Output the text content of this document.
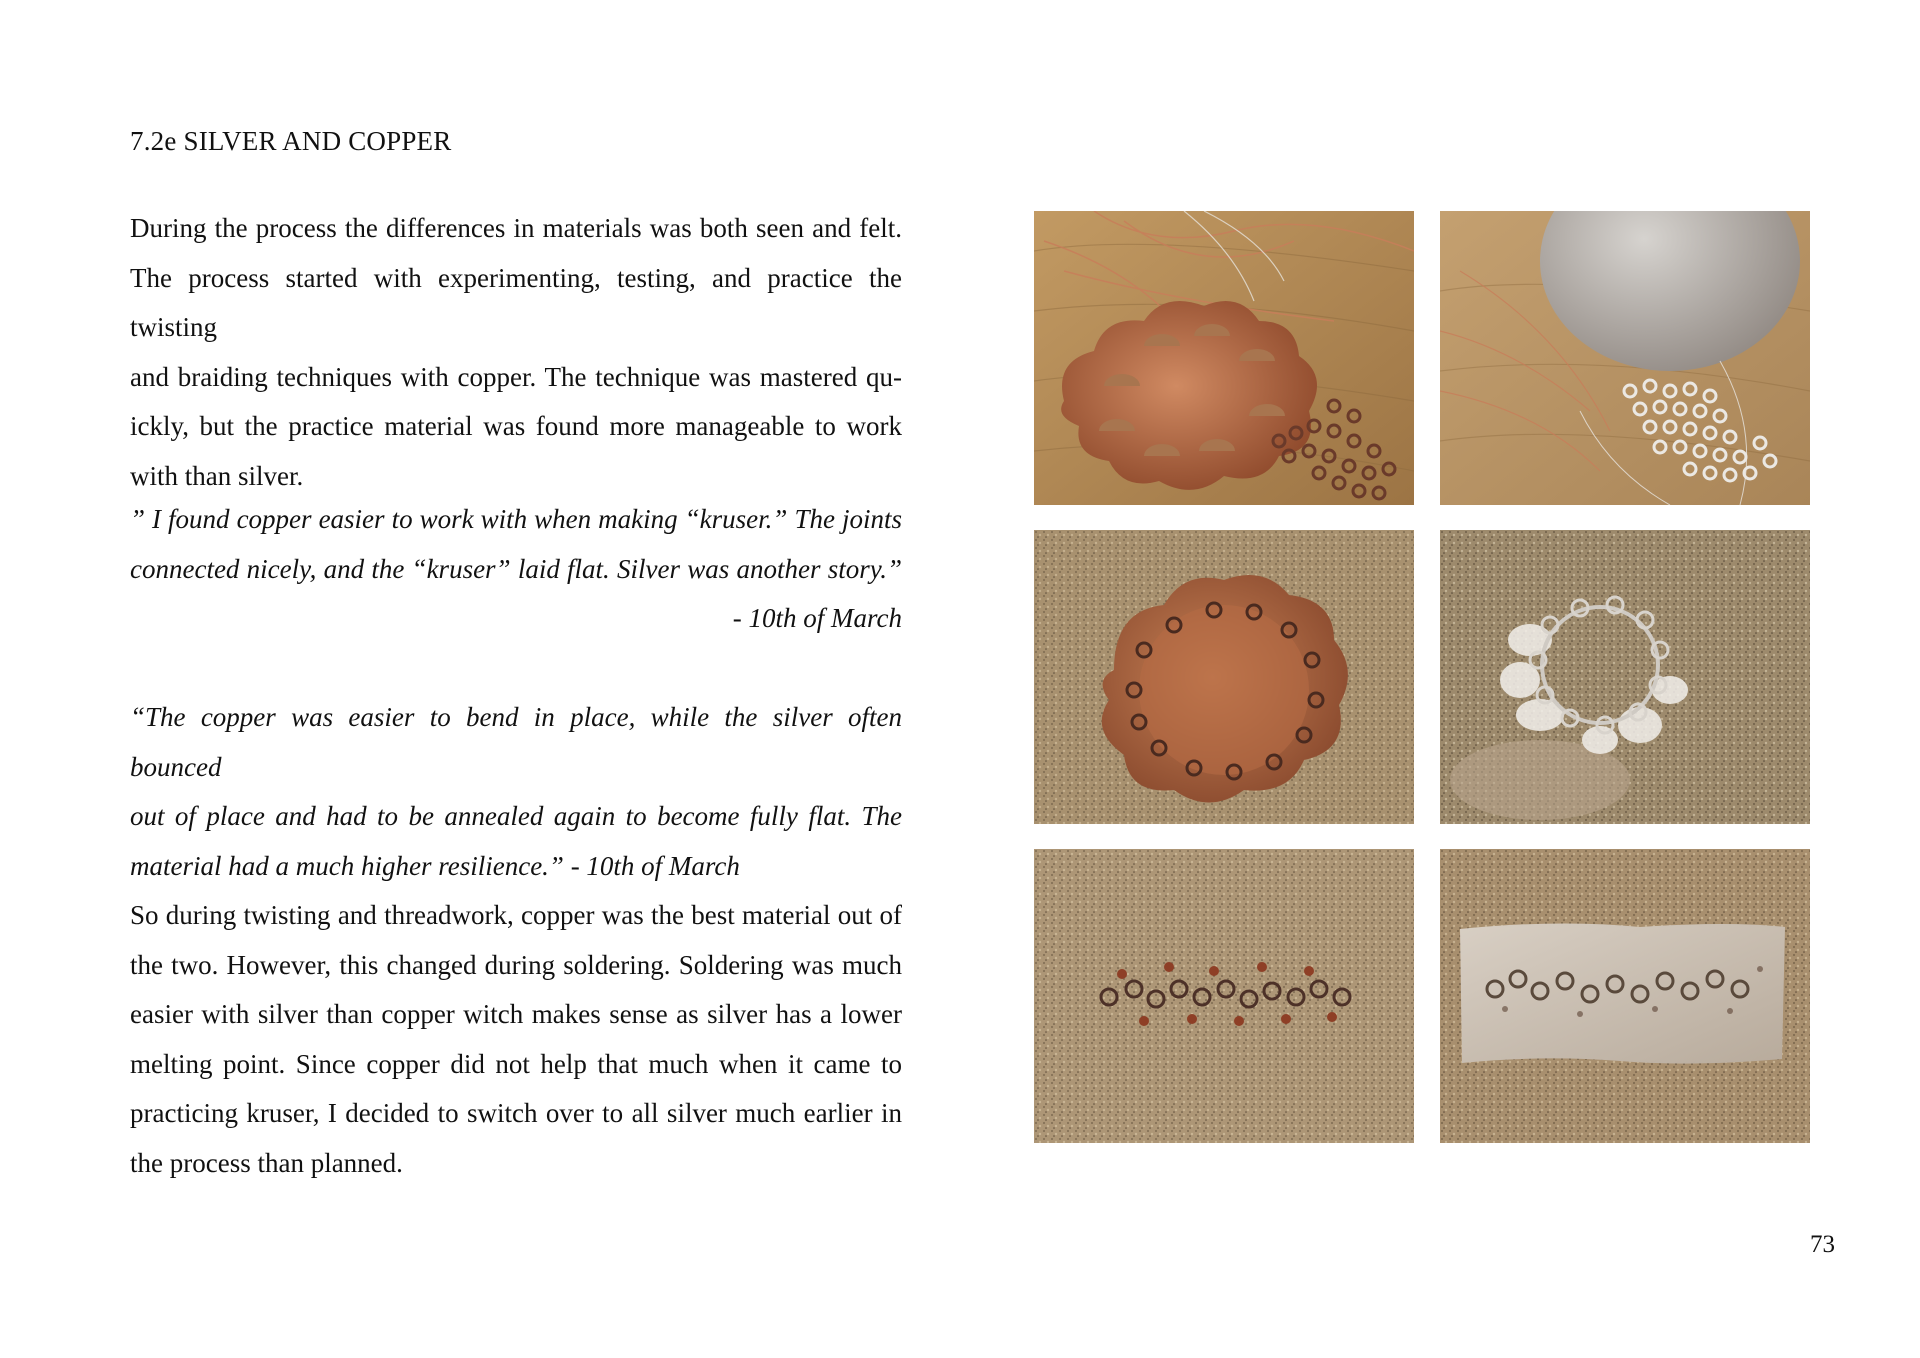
7.2e SILVER AND COPPER

During the process the differences in materials was both seen and felt.
The process started with experimenting, testing, and practice the twisting
and braiding techniques with copper. The technique was mastered qu-
ickly, but the practice material was found more manageable to work
with than silver.

” I found copper easier to work with when making “kruser.” The joints
connected nicely, and the “kruser” laid flat. Silver was another story.”
- 10th of March

“The copper was easier to bend in place, while the silver often bounced
out of place and had to be annealed again to become fully flat. The
material had a much higher resilience.” - 10th of March

So during twisting and threadwork, copper was the best material out of
the two. However, this changed during soldering. Soldering was much
easier with silver than copper witch makes sense as silver has a lower
melting point. Since copper did not help that much when it came to
practicing kruser, I decided to switch over to all silver much earlier in
the process than planned.

73
